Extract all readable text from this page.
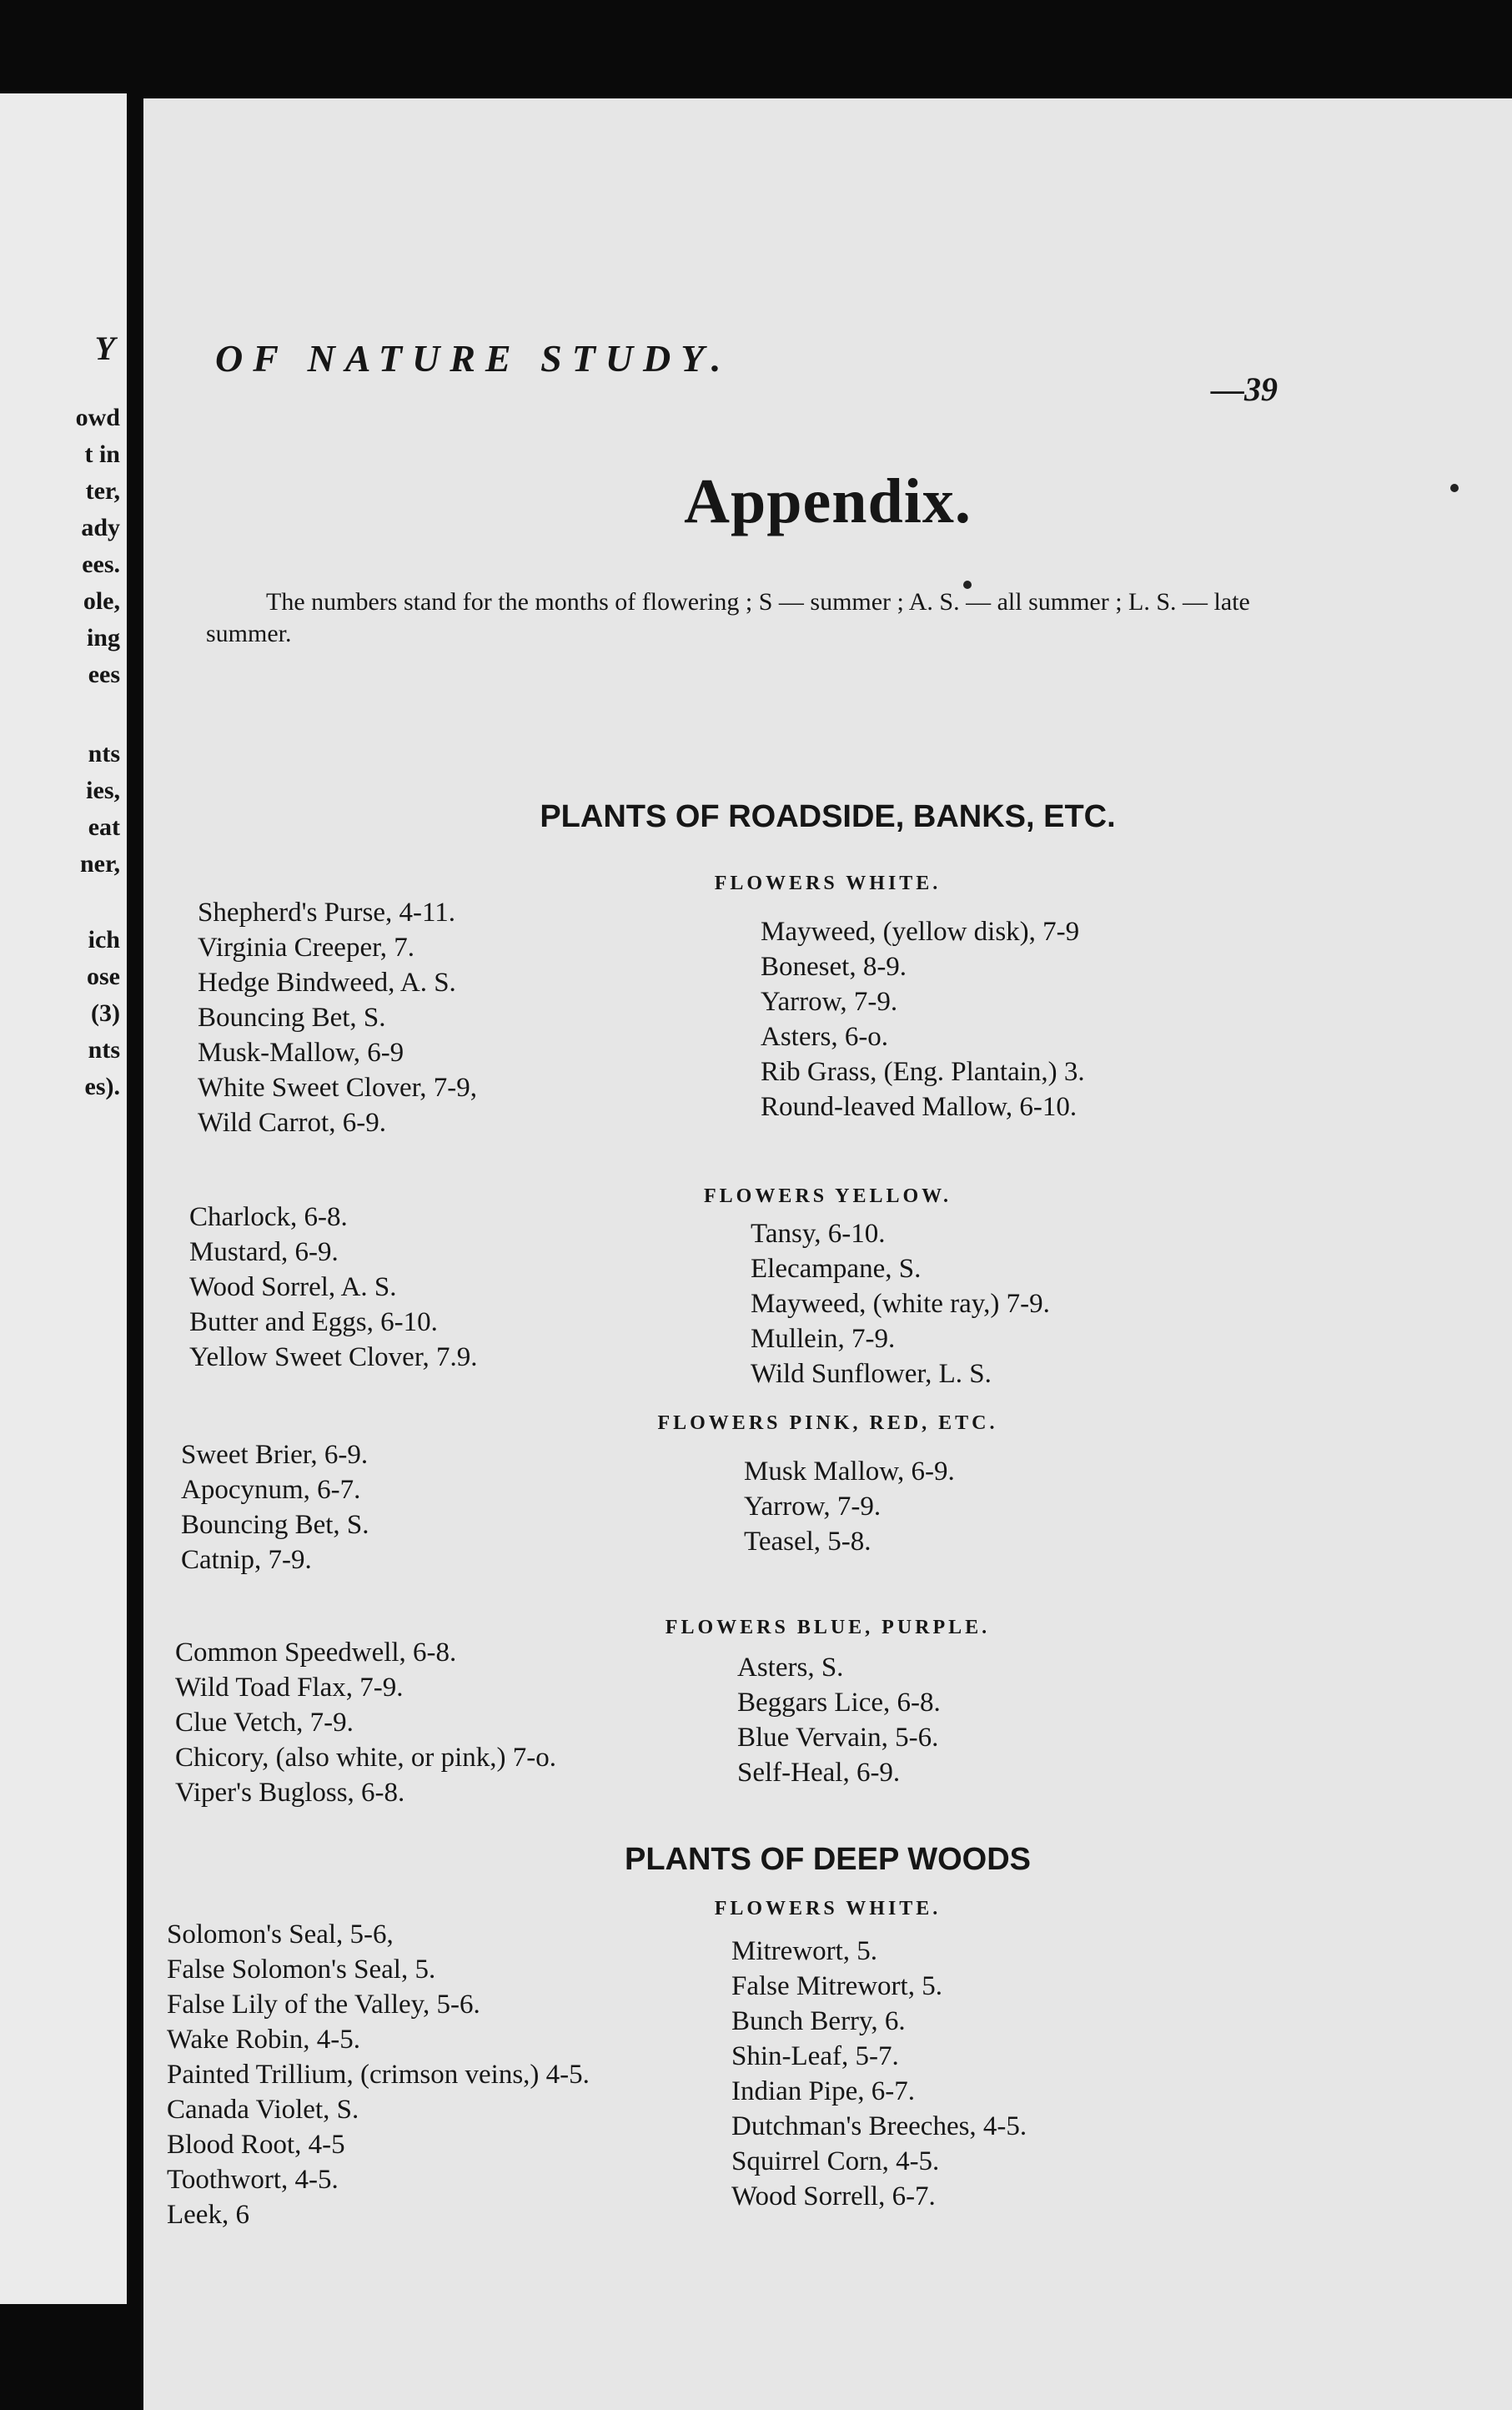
Y
owd
t in
ter,
ady
ees.
ole,
ing
ees
nts
ies,
eat
ner,
ich
ose
(3)
nts
es).
OF NATURE STUDY.
—39
Appendix.
The numbers stand for the months of flowering ; S — summer ; A. S. — all summer ; L. S. — late summer.
PLANTS OF ROADSIDE, BANKS, ETC.
FLOWERS WHITE.
Shepherd's Purse, 4-11.
Virginia Creeper, 7.
Hedge Bindweed, A. S.
Bouncing Bet, S.
Musk-Mallow, 6-9
White Sweet Clover, 7-9,
Wild Carrot, 6-9.
Mayweed, (yellow disk), 7-9
Boneset, 8-9.
Yarrow, 7-9.
Asters, 6-o.
Rib Grass, (Eng. Plantain,) 3.
Round-leaved Mallow, 6-10.
FLOWERS YELLOW.
Charlock, 6-8.
Mustard, 6-9.
Wood Sorrel, A. S.
Butter and Eggs, 6-10.
Yellow Sweet Clover, 7.9.
Tansy, 6-10.
Elecampane, S.
Mayweed, (white ray,) 7-9.
Mullein, 7-9.
Wild Sunflower, L. S.
FLOWERS PINK, RED, ETC.
Sweet Brier, 6-9.
Apocynum, 6-7.
Bouncing Bet, S.
Catnip, 7-9.
Musk Mallow, 6-9.
Yarrow, 7-9.
Teasel, 5-8.
FLOWERS BLUE, PURPLE.
Common Speedwell, 6-8.
Wild Toad Flax, 7-9.
Clue Vetch, 7-9.
Chicory, (also white, or pink,) 7-o.
Viper's Bugloss, 6-8.
Asters, S.
Beggars Lice, 6-8.
Blue Vervain, 5-6.
Self-Heal, 6-9.
PLANTS OF DEEP WOODS
FLOWERS WHITE.
Solomon's Seal, 5-6,
False Solomon's Seal, 5.
False Lily of the Valley, 5-6.
Wake Robin, 4-5.
Painted Trillium, (crimson veins,) 4-5.
Canada Violet, S.
Blood Root, 4-5
Toothwort, 4-5.
Leek, 6
Mitrewort, 5.
False Mitrewort, 5.
Bunch Berry, 6.
Shin-Leaf, 5-7.
Indian Pipe, 6-7.
Dutchman's Breeches, 4-5.
Squirrel Corn, 4-5.
Wood Sorrell, 6-7.
